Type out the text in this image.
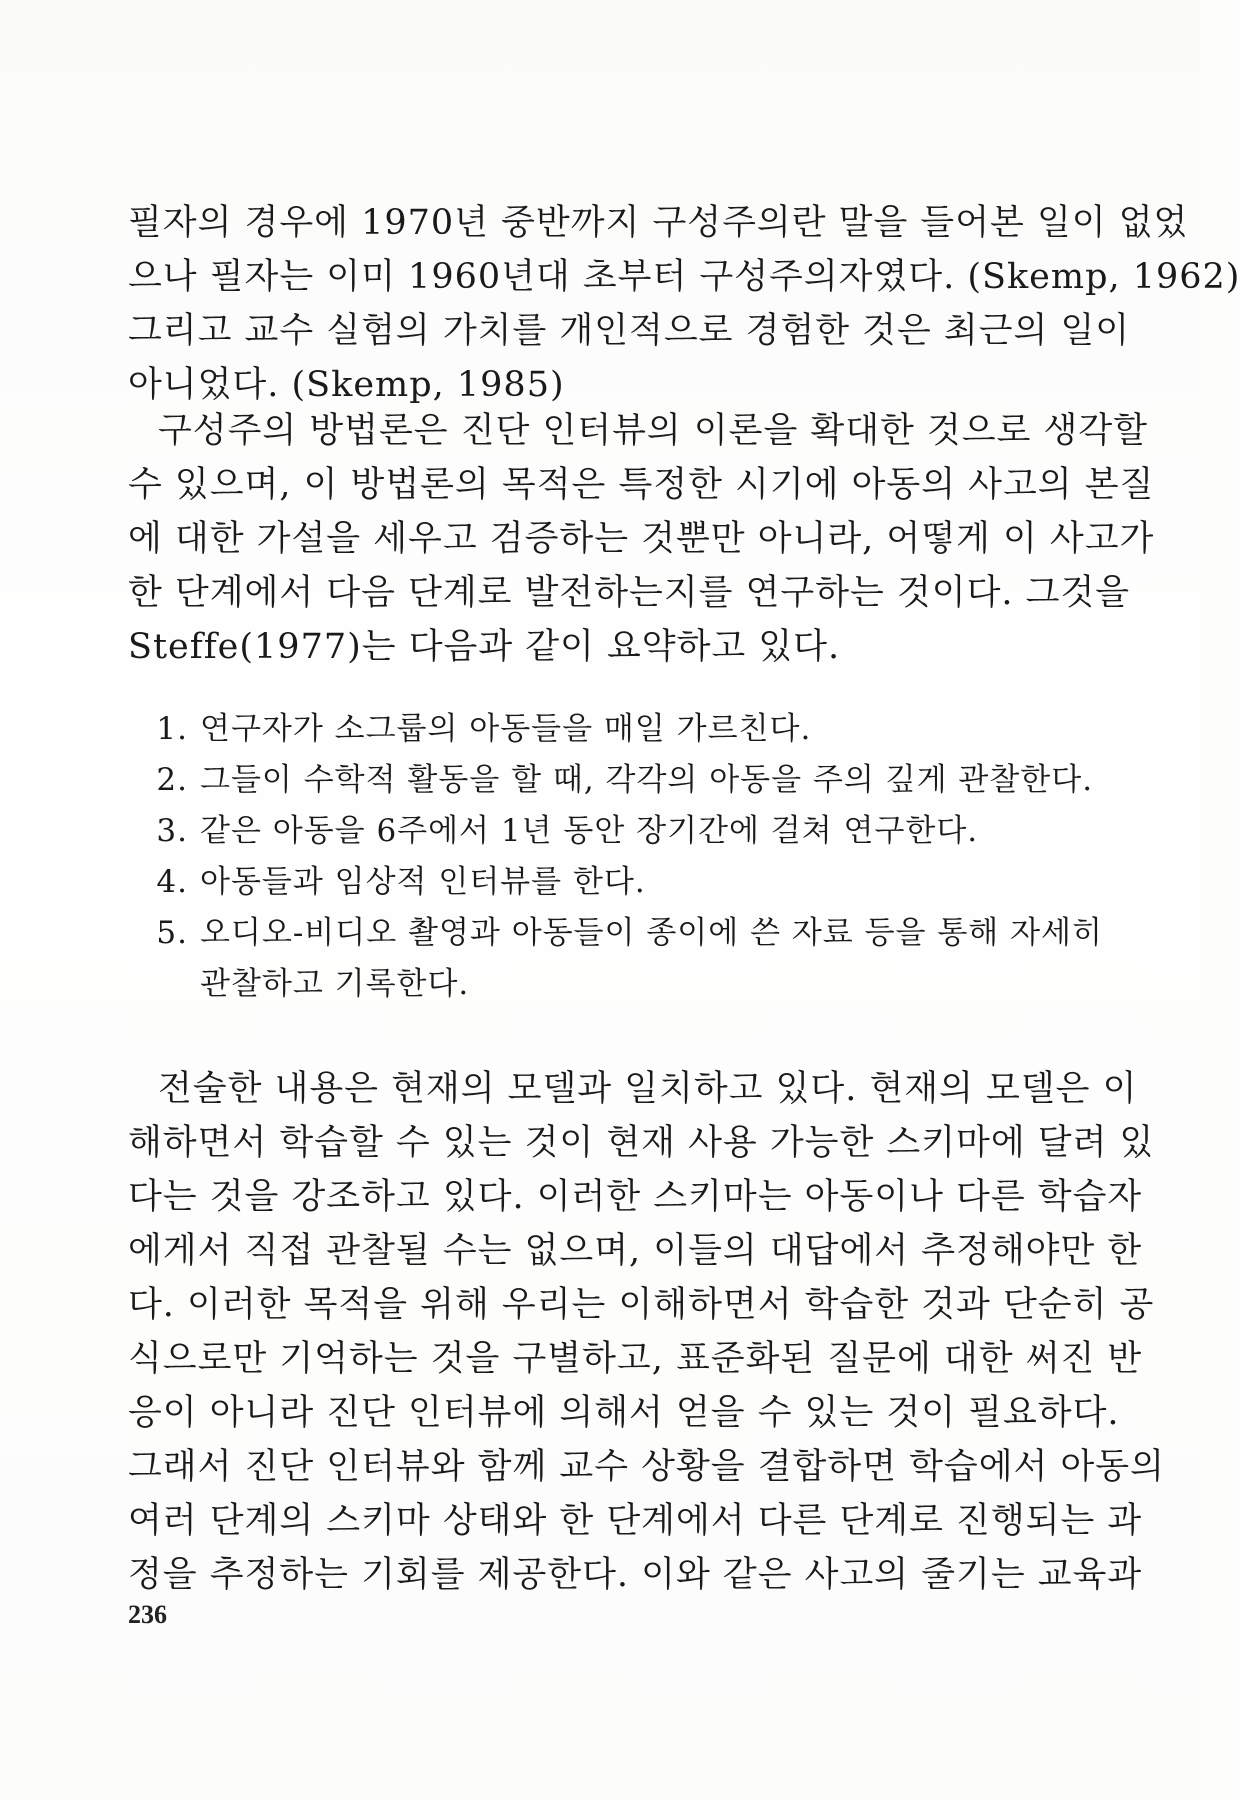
필자의 경우에 1970년 중반까지 구성주의란 말을 들어본 일이 없었
으나 필자는 이미 1960년대 초부터 구성주의자였다. (Skemp, 1962)
그리고 교수 실험의 가치를 개인적으로 경험한 것은 최근의 일이
아니었다. (Skemp, 1985)
구성주의 방법론은 진단 인터뷰의 이론을 확대한 것으로 생각할
수 있으며, 이 방법론의 목적은 특정한 시기에 아동의 사고의 본질
에 대한 가설을 세우고 검증하는 것뿐만 아니라, 어떻게 이 사고가
한 단계에서 다음 단계로 발전하는지를 연구하는 것이다. 그것을
Steffe(1977)는 다음과 같이 요약하고 있다.
1. 연구자가 소그룹의 아동들을 매일 가르친다.
2. 그들이 수학적 활동을 할 때, 각각의 아동을 주의 깊게 관찰한다.
3. 같은 아동을 6주에서 1년 동안 장기간에 걸쳐 연구한다.
4. 아동들과 임상적 인터뷰를 한다.
5. 오디오-비디오 촬영과 아동들이 종이에 쓴 자료 등을 통해 자세히
관찰하고 기록한다.
전술한 내용은 현재의 모델과 일치하고 있다. 현재의 모델은 이
해하면서 학습할 수 있는 것이 현재 사용 가능한 스키마에 달려 있
다는 것을 강조하고 있다. 이러한 스키마는 아동이나 다른 학습자
에게서 직접 관찰될 수는 없으며, 이들의 대답에서 추정해야만 한
다. 이러한 목적을 위해 우리는 이해하면서 학습한 것과 단순히 공
식으로만 기억하는 것을 구별하고, 표준화된 질문에 대한 써진 반
응이 아니라 진단 인터뷰에 의해서 얻을 수 있는 것이 필요하다.
그래서 진단 인터뷰와 함께 교수 상황을 결합하면 학습에서 아동의
여러 단계의 스키마 상태와 한 단계에서 다른 단계로 진행되는 과
정을 추정하는 기회를 제공한다. 이와 같은 사고의 줄기는 교육과
236
